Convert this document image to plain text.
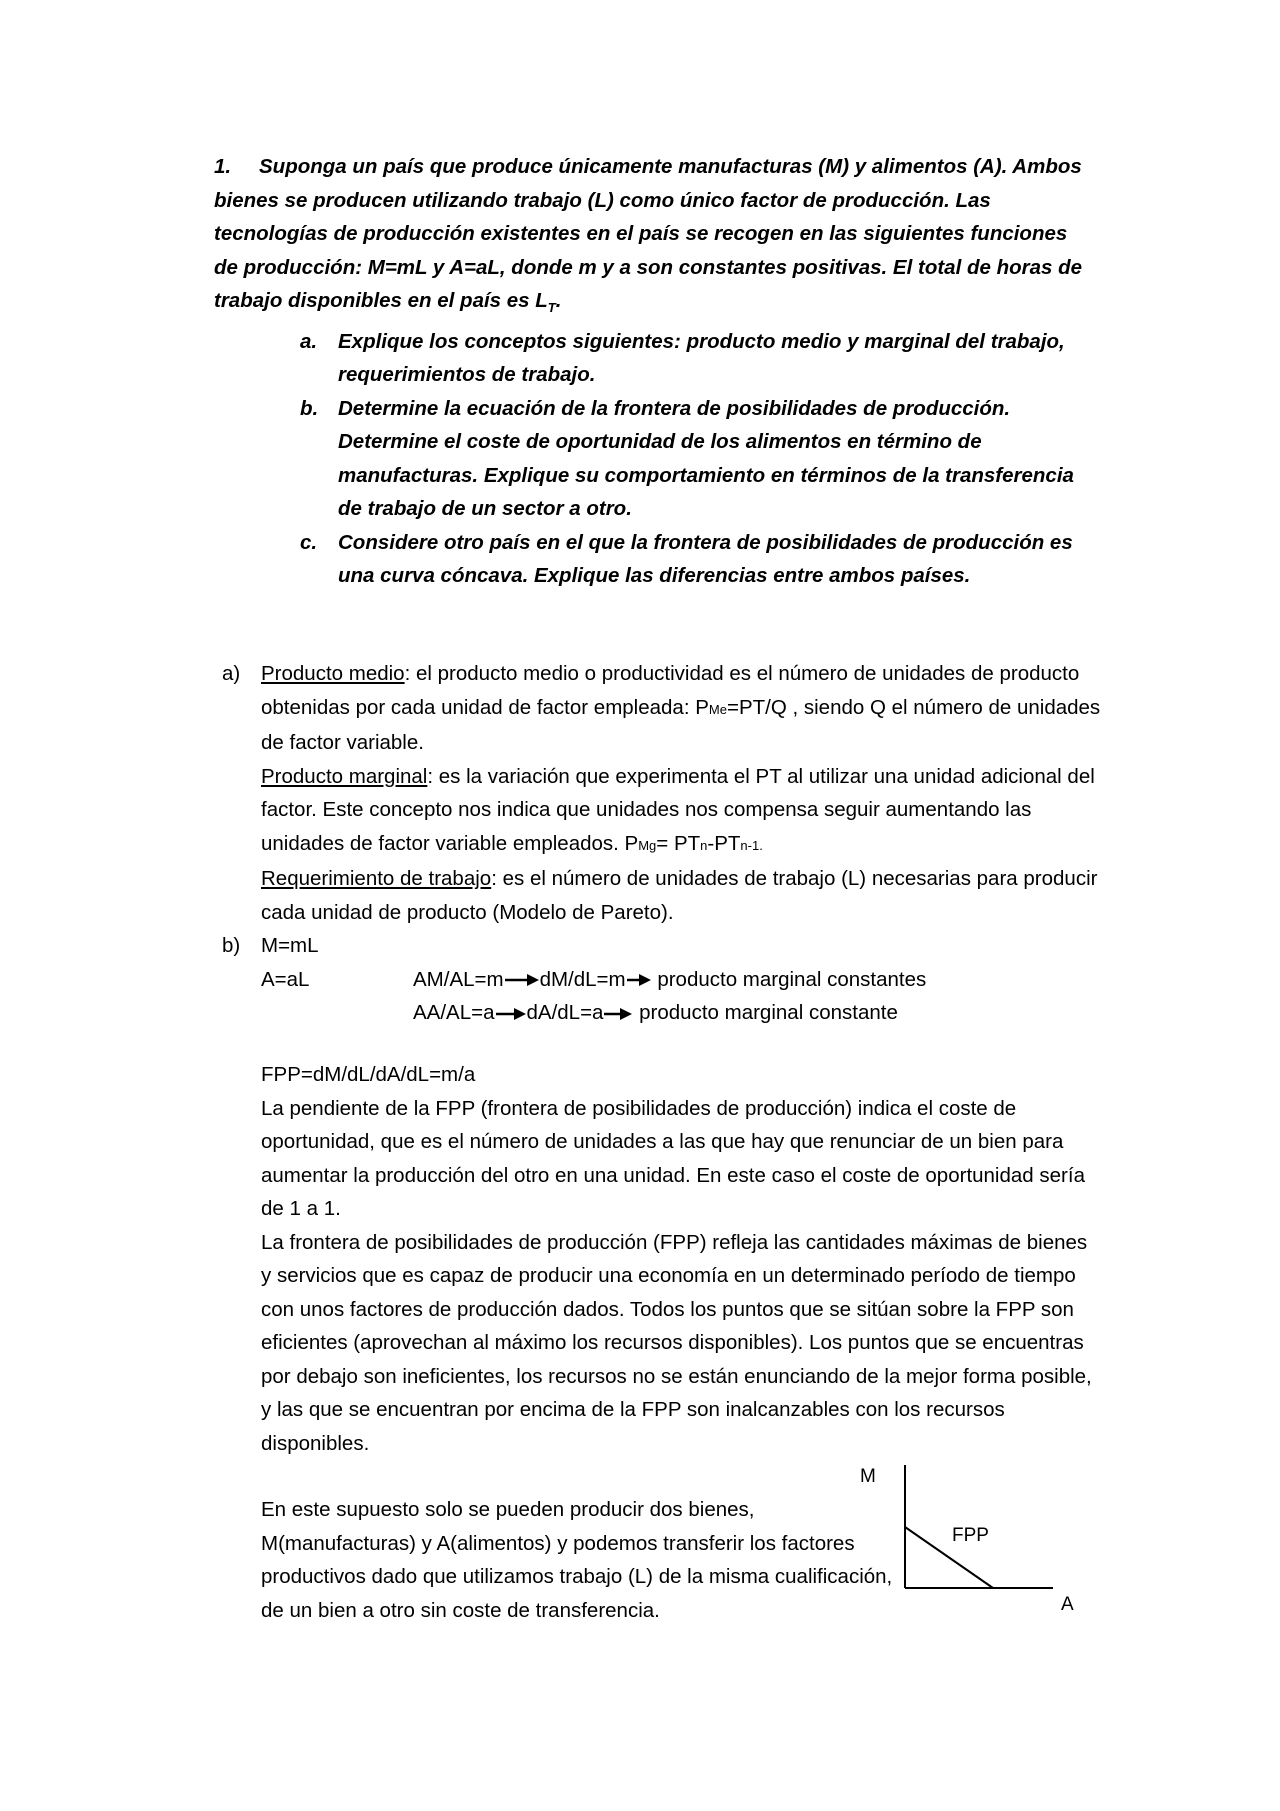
1. Suponga un país que produce únicamente manufacturas (M) y alimentos (A). Ambos bienes se producen utilizando trabajo (L) como único factor de producción. Las tecnologías de producción existentes en el país se recogen en las siguientes funciones de producción: M=mL y A=aL, donde m y a son constantes positivas. El total de horas de trabajo disponibles en el país es $L_T$.
a. Explique los conceptos siguientes: producto medio y marginal del trabajo, requerimientos de trabajo.
b. Determine la ecuación de la frontera de posibilidades de producción. Determine el coste de oportunidad de los alimentos en término de manufacturas. Explique su comportamiento en términos de la transferencia de trabajo de un sector a otro.
c. Considere otro país en el que la frontera de posibilidades de producción es una curva cóncava. Explique las diferencias entre ambos países.
a) Producto medio: el producto medio o productividad es el número de unidades de producto obtenidas por cada unidad de factor empleada: PMe=PT/Q , siendo Q el número de unidades de factor variable.
Producto marginal: es la variación que experimenta el PT al utilizar una unidad adicional del factor. Este concepto nos indica que unidades nos compensa seguir aumentando las unidades de factor variable empleados. PMg= PTn-PTn-1.
Requerimiento de trabajo: es el número de unidades de trabajo (L) necesarias para producir cada unidad de producto (Modelo de Pareto).
b) M=mL
A=aL	AM/AL=m dM/dL=m producto marginal constantes
AA/AL=a dA/dL=a producto marginal constante
FPP=dM/dL/dA/dL=m/a
La pendiente de la FPP (frontera de posibilidades de producción) indica el coste de oportunidad, que es el número de unidades a las que hay que renunciar de un bien para aumentar la producción del otro en una unidad. En este caso el coste de oportunidad sería de 1 a 1.
La frontera de posibilidades de producción (FPP) refleja las cantidades máximas de bienes y servicios que es capaz de producir una economía en un determinado período de tiempo con unos factores de producción dados. Todos los puntos que se sitúan sobre la FPP son eficientes (aprovechan al máximo los recursos disponibles). Los puntos que se encuentras por debajo son ineficientes, los recursos no se están enunciando de la mejor forma posible, y las que se encuentran por encima de la FPP son inalcanzables con los recursos disponibles.
En este supuesto solo se pueden producir dos bienes, M(manufacturas) y A(alimentos) y podemos transferir los factores productivos dado que utilizamos trabajo (L) de la misma cualificación, de un bien a otro sin coste de transferencia.
M
FPP
A
